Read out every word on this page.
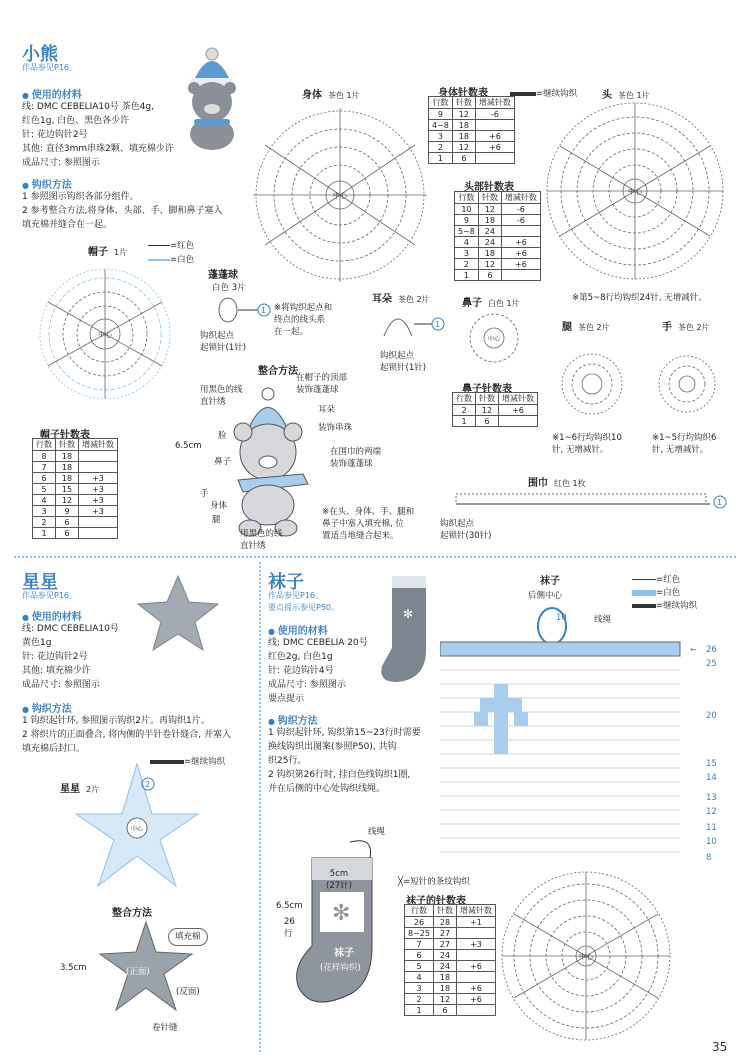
小熊
作品参见P16。
● 使用的材料
线: DMC CEBELIA10号 茶色4g,
红色1g, 白色、黑色各少许
针: 花边钩针2号
其他: 直径3mm串珠2颗、填充棉少许
成品尺寸: 参照图示
● 钩织方法
1 参照图示钩织各部分组件。
2 参考整合方法,将身体、头部、手、脚和鼻子塞入
填充棉并缝合在一起。
帽子 1片
=红色
=白色
中心
帽子针数表
行数	针数	增减针数
8	18	
7	18	
6	18	+3
5	15	+3
4	12	+3
3	9	+3
2	6	
1	6	
蓬蓬球
白色 3片
1
钩织起点
起锁针(1针)
※将钩织起点和
终点的线头系
在一起。
身体 茶色 1片
中心
=继续钩织
身体针数表
行数	针数	增减针数
9	12	-6
4~8	18	
3	18	+6
2	12	+6
1	6	
头部针数表
行数	针数	增减针数
10	12	-6
9	18	-6
5~8	24	
4	24	+6
3	18	+6
2	12	+6
1	6	
头 茶色 1片
中心
※第5~8行均钩织24针, 无增减针。
耳朵 茶色 2片
1
钩织起点
起锁针(1针)
鼻子 白色 1片
中心
鼻子针数表
行数	针数	增减针数
2	12	+6
1	6	
腿 茶色 2片
※1~6行均钩织10
针, 无增减针。
手 茶色 2片
※1~5行均钩织6
针, 无增减针。
整合方法
6.5cm
在帽子的顶部
装饰蓬蓬球
用黑色的线
直针绣
耳朵
装饰串珠
脸
鼻子
在围巾的两端
装饰蓬蓬球
手
身体
腿
用黑色的线
直针绣
※在头、身体、手、腿和
鼻子中塞入填充棉, 位
置适当地缝合起来。
围巾 红色 1枚
1
钩织起点
起锁针(30针)
星星
作品参见P16。
● 使用的材料
线: DMC CEBELIA10号
黄色1g
针: 花边钩针2号
其他: 填充棉少许
成品尺寸: 参照图示
● 钩织方法
1 钩织起针环, 参照图示钩织2片。再钩织1片。
2 将织片的正面叠合, 将内侧的半针卷针缝合, 并塞入
填充棉后封口。
=继续钩织
星星 2片
中心
2
整合方法
3.5cm
填充棉
(正面)
(反面)
卷针缝
袜子
作品参见P16。
要点提示参见P50。	✻
● 使用的材料
线: DMC CEBELIA 20号
红色2g, 白色1g
针: 花边钩针4号
成品尺寸: 参照图示
要点提示
● 钩织方法
1 钩织起针环, 钩织第15~23行时需要
换线钩织出图案(参照P50), 共钩
织25行。
2 钩织第26行时, 挂白色线钩织1圈,
并在后侧的中心处钩织线绳。
线绳
✻
5cm
(27针)
6.5cm
26
行
袜子
(花样钩织)
╳=短针的条纹钩织
袜子的针数表
行数	针数	增减针数
26	28	+1
8~25	27	
7	27	+3
6	24	
5	24	+6
4	18	
3	18	+6
2	12	+6
1	6	
袜子
后侧中心
线绳
=红色
=白色
=继续钩织
←
10
26
25
20
15
14
13
12
11
10
8
中心
35
